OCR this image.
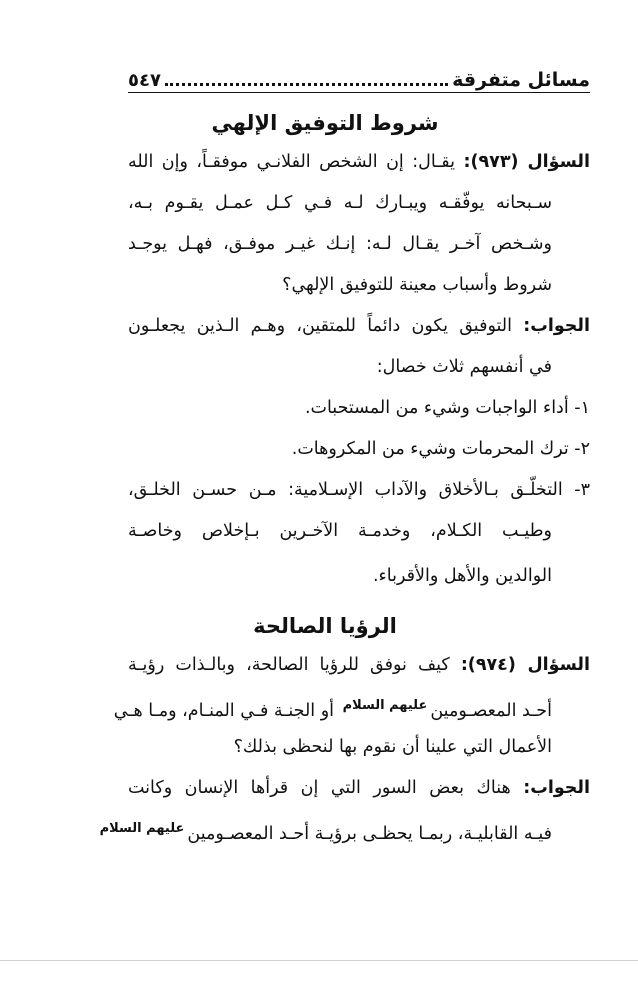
مسائل متفرقة
٥٤٧
شروط التوفيق الإلهي
السؤال (٩٧٣): يقـال: إن الشخص الفلانـي موفقـاً، وإن الله
سـبحانه يوفّقـه ويبـارك لـه فـي كـل عمـل يقـوم بـه،
وشـخص آخـر يقـال لـه: إنـك غيـر موفـق، فهـل يوجـد
شروط وأسباب معينة للتوفيق الإلهي؟
الجواب: التوفيق يكون دائماً للمتقين، وهـم الـذين يجعلـون
في أنفسهم ثلاث خصال:
١- أداء الواجبات وشيء من المستحبات.
٢- ترك المحرمات وشيء من المكروهات.
٣- التخلّـق بـالأخلاق والآداب الإسـلامية: مـن حسـن الخلـق،
وطيـب الكـلام، وخدمـة الآخـرين بـإخلاص وخاصـة
الوالدين والأهل والأقرباء.
الرؤيا الصالحة
السؤال (٩٧٤): كيف نوفق للرؤيا الصالحة، وبالـذات رؤيـة
أحـد المعصـومينعليهم السلام أو الجنـة فـي المنـام، ومـا هـي
الأعمال التي علينا أن نقوم بها لنحظى بذلك؟
الجواب: هناك بعض السور التي إن قرأها الإنسان وكانت
فيـه القابليـة، ربمـا يحظـى برؤيـة أحـد المعصـومينعليهم السلام
